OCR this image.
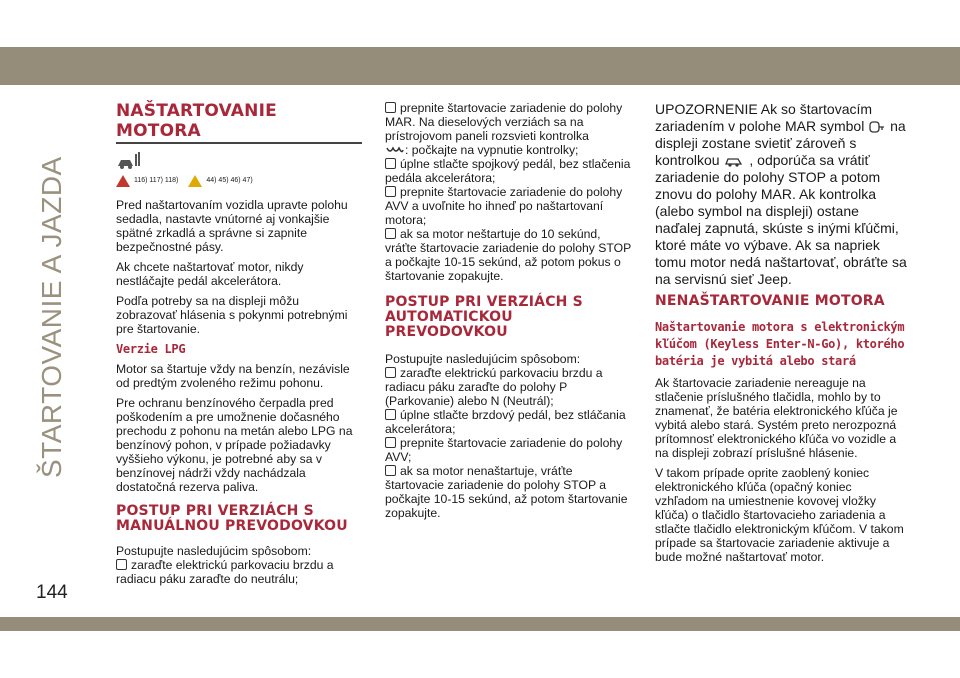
ŠTARTOVANIE A JAZDA
144
NAŠTARTOVANIE MOTORA
116) 117) 118)	44) 45) 46) 47)

Pred naštartovaním vozidla upravte polohu sedadla, nastavte vnútorné aj vonkajšie spätné zrkadlá a správne si zapnite bezpečnostné pásy.

Ak chcete naštartovať motor, nikdy nestláčajte pedál akcelerátora.

Podľa potreby sa na displeji môžu zobrazovať hlásenia s pokynmi potrebnými pre štartovanie.

Verzie LPG

Motor sa štartuje vždy na benzín, nezávisle od predtým zvoleného režimu pohonu.

Pre ochranu benzínového čerpadla pred poškodením a pre umožnenie dočasného prechodu z pohonu na metán alebo LPG na benzínový pohon, v prípade požiadavky vyššieho výkonu, je potrebné aby sa v benzínovej nádrži vždy nachádzala dostatočná rezerva paliva.

POSTUP PRI VERZIÁCH S MANUÁLNOU PREVODOVKOU

Postupujte nasledujúcim spôsobom:

zaraďte elektrickú parkovaciu brzdu a radiacu páku zaraďte do neutrálu;

prepnite štartovacie zariadenie do polohy MAR. Na dieselových verziách sa na prístrojovom paneli rozsvieti kontrolka
: počkajte na vypnutie kontrolky;

úplne stlačte spojkový pedál, bez stlačenia pedála akcelerátora;

prepnite štartovacie zariadenie do polohy AVV a uvoľnite ho ihneď po naštartovaní motora;

ak sa motor neštartuje do 10 sekúnd, vráťte štartovacie zariadenie do polohy STOP a počkajte 10-15 sekúnd, až potom pokus o štartovanie zopakujte.

POSTUP PRI VERZIÁCH S AUTOMATICKOU PREVODOVKOU

Postupujte nasledujúcim spôsobom:

zaraďte elektrickú parkovaciu brzdu a radiacu páku zaraďte do polohy P (Parkovanie) alebo N (Neutrál);

úplne stlačte brzdový pedál, bez stláčania akcelerátora;

prepnite štartovacie zariadenie do polohy AVV;

ak sa motor nenaštartuje, vráťte štartovacie zariadenie do polohy STOP a počkajte 10-15 sekúnd, až potom štartovanie zopakujte.

UPOZORNENIE Ak so štartovacím zariadením v polohe MAR symbol na displeji zostane svietiť zároveň s kontrolkou , odporúča sa vrátiť zariadenie do polohy STOP a potom znovu do polohy MAR. Ak kontrolka (alebo symbol na displeji) ostane naďalej zapnutá, skúste s inými kľúčmi, ktoré máte vo výbave. Ak sa napriek tomu motor nedá naštartovať, obráťte sa na servisnú sieť Jeep.

NENAŠTARTOVANIE MOTORA
Naštartovanie motora s elektronickým kľúčom (Keyless Enter-N-Go), ktorého batéria je vybitá alebo stará

Ak štartovacie zariadenie nereaguje na stlačenie príslušného tlačidla, mohlo by to znamenať, že batéria elektronického kľúča je vybitá alebo stará. Systém preto nerozpozná prítomnosť elektronického kľúča vo vozidle a na displeji zobrazí príslušné hlásenie.

V takom prípade oprite zaoblený koniec elektronického kľúča (opačný koniec vzhľadom na umiestnenie kovovej vložky kľúča) o tlačidlo štartovacieho zariadenia a stlačte tlačidlo elektronickým kľúčom. V takom prípade sa štartovacie zariadenie aktivuje a bude možné naštartovať motor.
